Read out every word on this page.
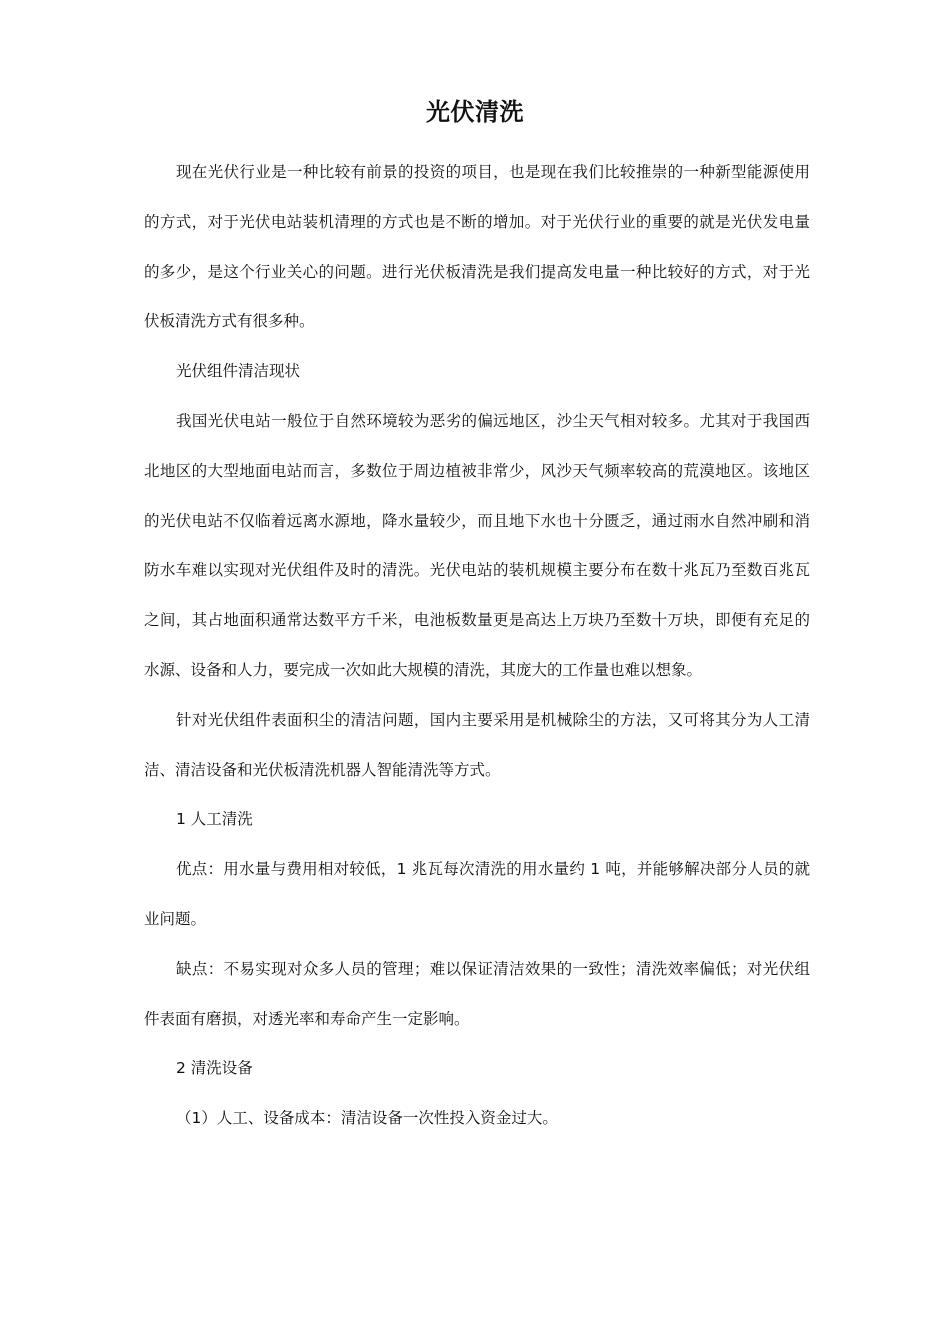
光伏清洗

现在光伏行业是一种比较有前景的投资的项目，也是现在我们比较推崇的一种新型能源使用的方式，对于光伏电站装机清理的方式也是不断的增加。对于光伏行业的重要的就是光伏发电量的多少，是这个行业关心的问题。进行光伏板清洗是我们提高发电量一种比较好的方式，对于光伏板清洗方式有很多种。

光伏组件清洁现状

我国光伏电站一般位于自然环境较为恶劣的偏远地区，沙尘天气相对较多。尤其对于我国西北地区的大型地面电站而言，多数位于周边植被非常少，风沙天气频率较高的荒漠地区。该地区的光伏电站不仅临着远离水源地，降水量较少，而且地下水也十分匮乏，通过雨水自然冲刷和消防水车难以实现对光伏组件及时的清洗。光伏电站的装机规模主要分布在数十兆瓦乃至数百兆瓦之间，其占地面积通常达数平方千米，电池板数量更是高达上万块乃至数十万块，即便有充足的水源、设备和人力，要完成一次如此大规模的清洗，其庞大的工作量也难以想象。

针对光伏组件表面积尘的清洁问题，国内主要采用是机械除尘的方法，又可将其分为人工清洁、清洁设备和光伏板清洗机器人智能清洗等方式。

1 人工清洗

优点：用水量与费用相对较低，1 兆瓦每次清洗的用水量约 1 吨，并能够解决部分人员的就业问题。

缺点：不易实现对众多人员的管理；难以保证清洁效果的一致性；清洗效率偏低；对光伏组件表面有磨损，对透光率和寿命产生一定影响。

2 清洗设备

（1）人工、设备成本：清洁设备一次性投入资金过大。
